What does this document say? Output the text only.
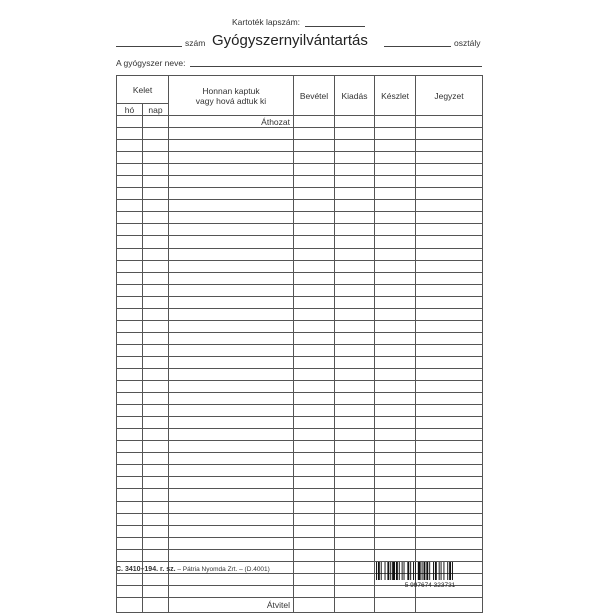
Kartoték lapszám:
szám Gyógyszernyilvántartás	osztály
A gyógyszer neve:
Kelet		Honnan kaptuk
vagy hová adtuk ki	Bevétel	Kiadás	Készlet	Jegyzet
hó	nap					
		Áthozat				

		Átvitel				
C. 3410–194. r. sz. – Pátria Nyomda Zrt. – (D.4001)
5 997674 323731
